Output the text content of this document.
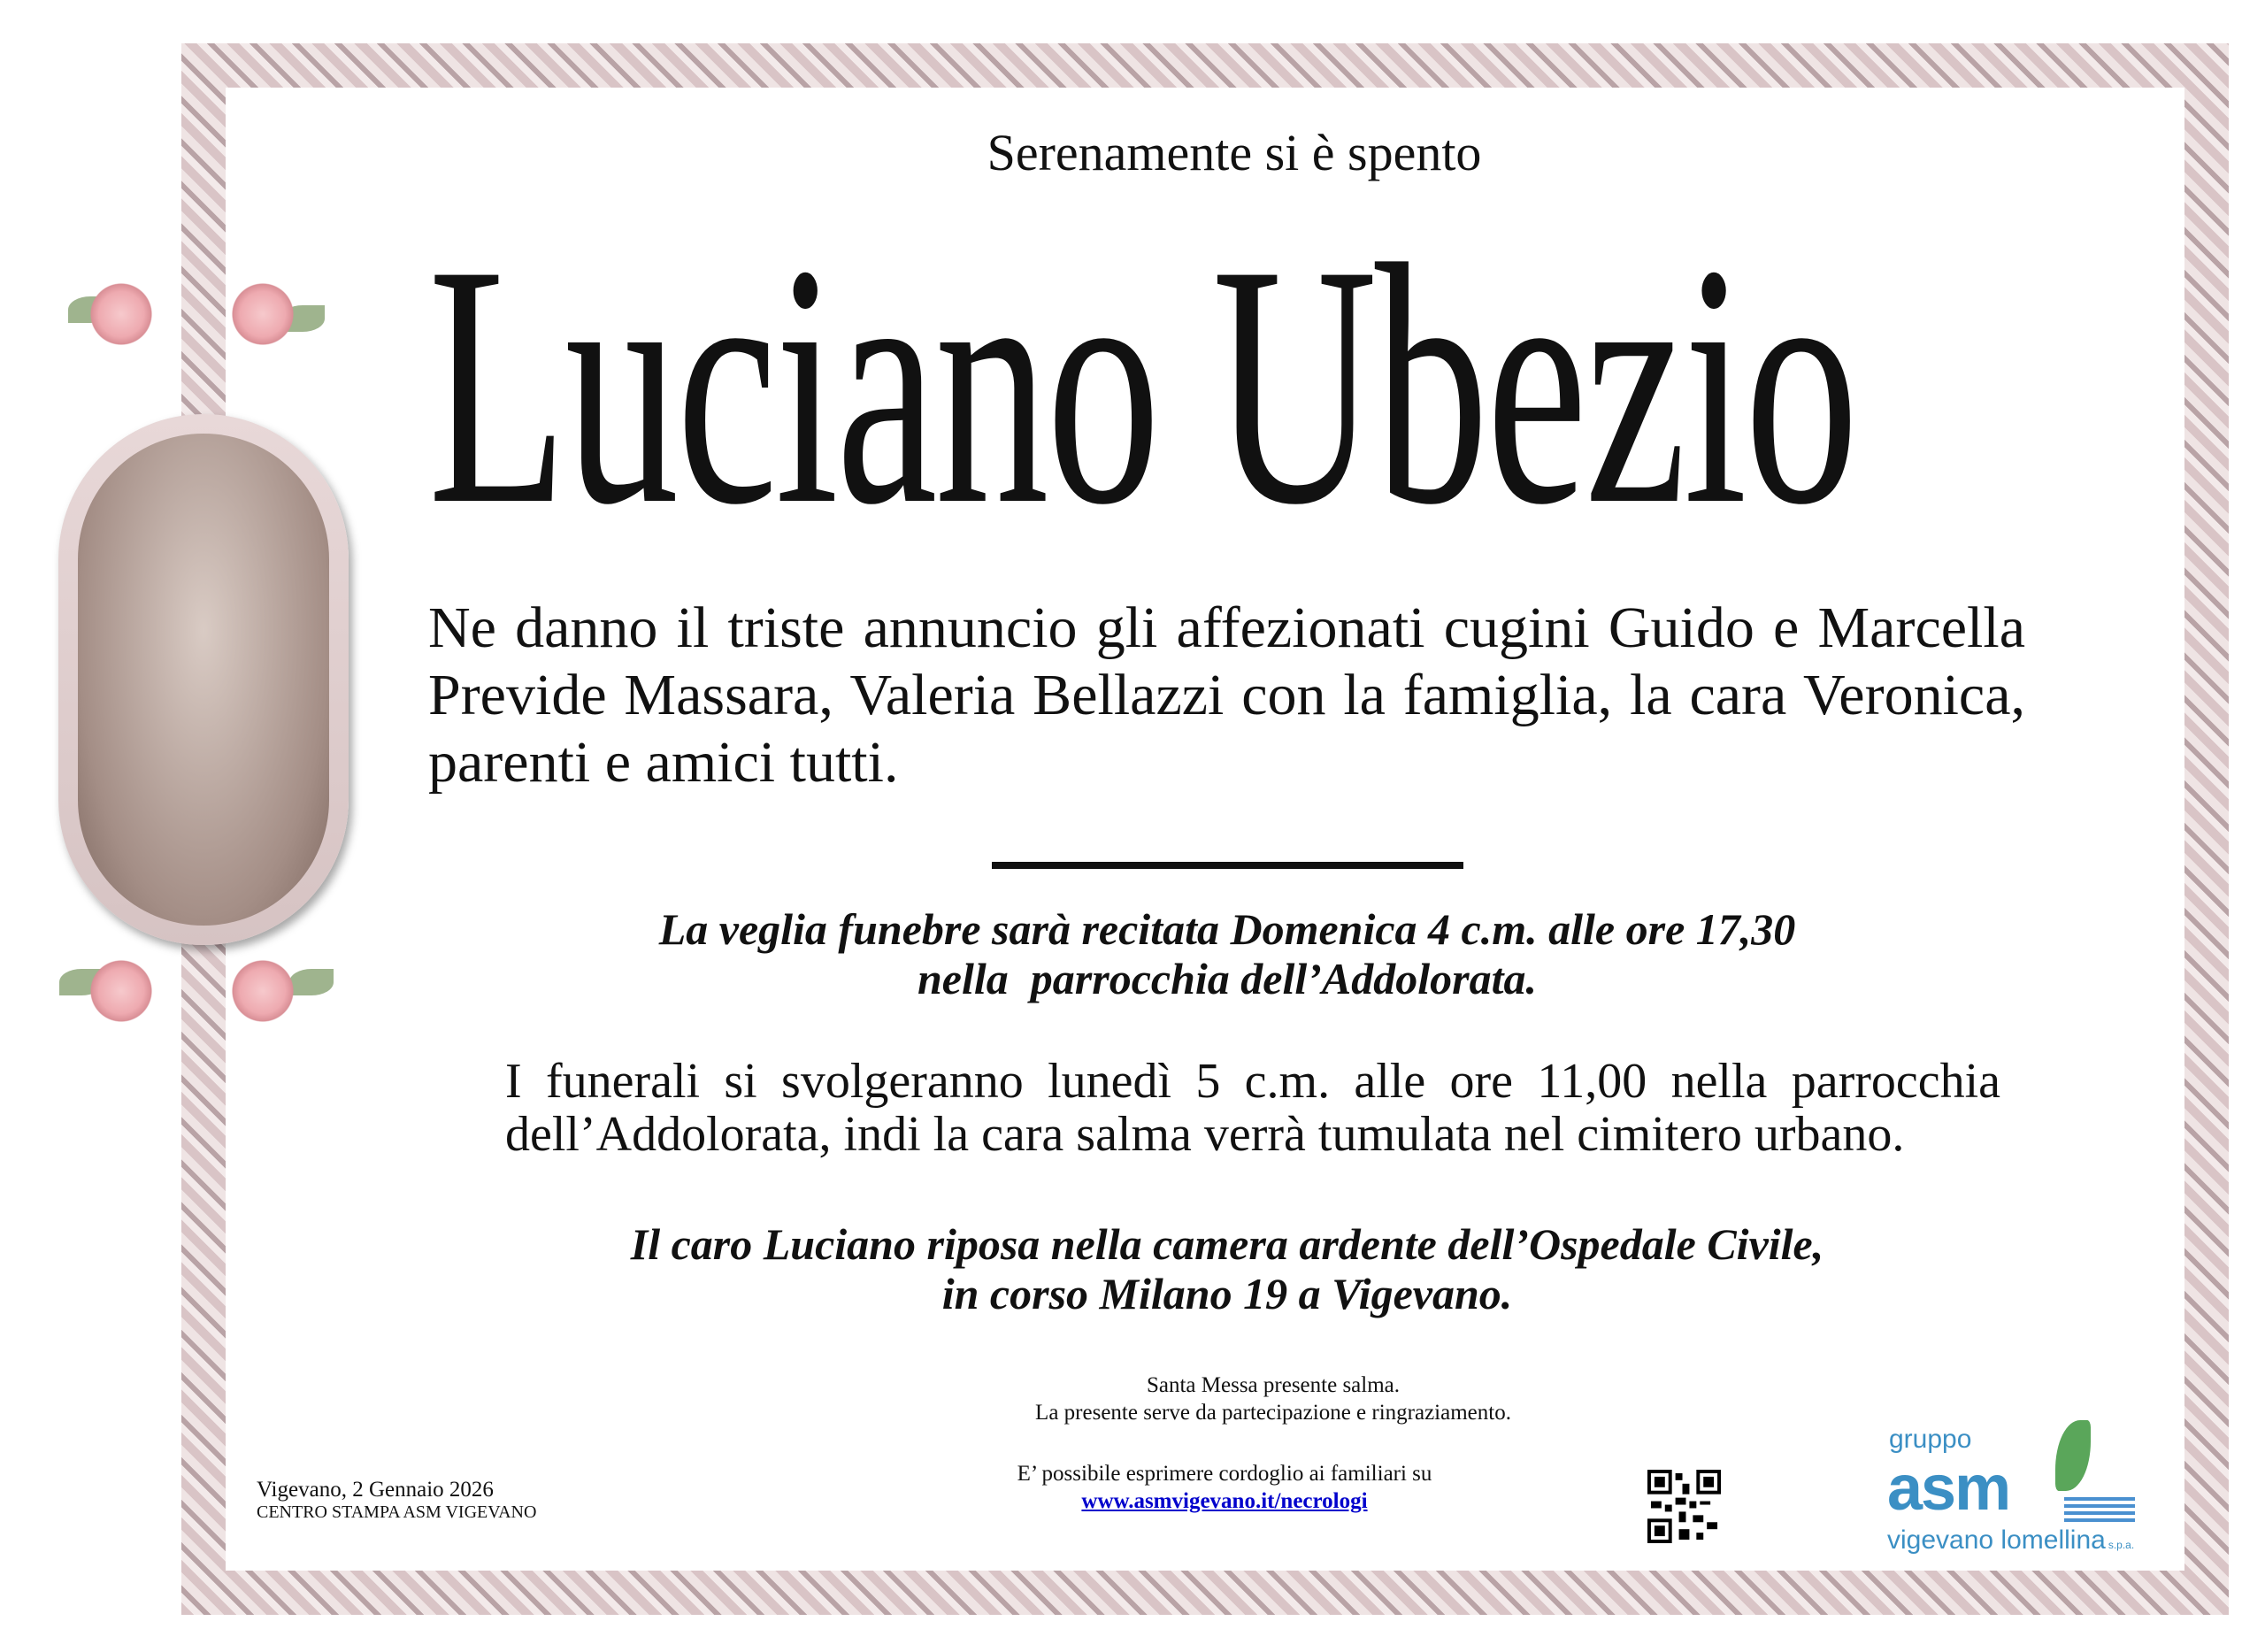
Serenamente si è spento
Luciano Ubezio
Ne danno il triste annuncio gli affezionati cugini Guido e Marcella Previde Massara, Valeria Bellazzi con la famiglia, la cara Veronica, parenti e amici tutti.
La veglia funebre sarà recitata Domenica 4 c.m. alle ore 17,30
nella  parrocchia dell’Addolorata.
I funerali si svolgeranno lunedì 5 c.m. alle ore 11,00 nella parrocchia dell’Addolorata, indi la cara salma verrà tumulata nel cimitero urbano.
Il caro Luciano riposa nella camera ardente dell’Ospedale Civile,
in corso Milano 19 a Vigevano.
Santa Messa presente salma.
La presente serve da partecipazione e ringraziamento.
E’ possibile esprimere cordoglio ai familiari su
www.asmvigevano.it/necrologi
Vigevano, 2 Gennaio 2026
CENTRO STAMPA ASM VIGEVANO
gruppo
asm
vigevano lomellina s.p.a.
